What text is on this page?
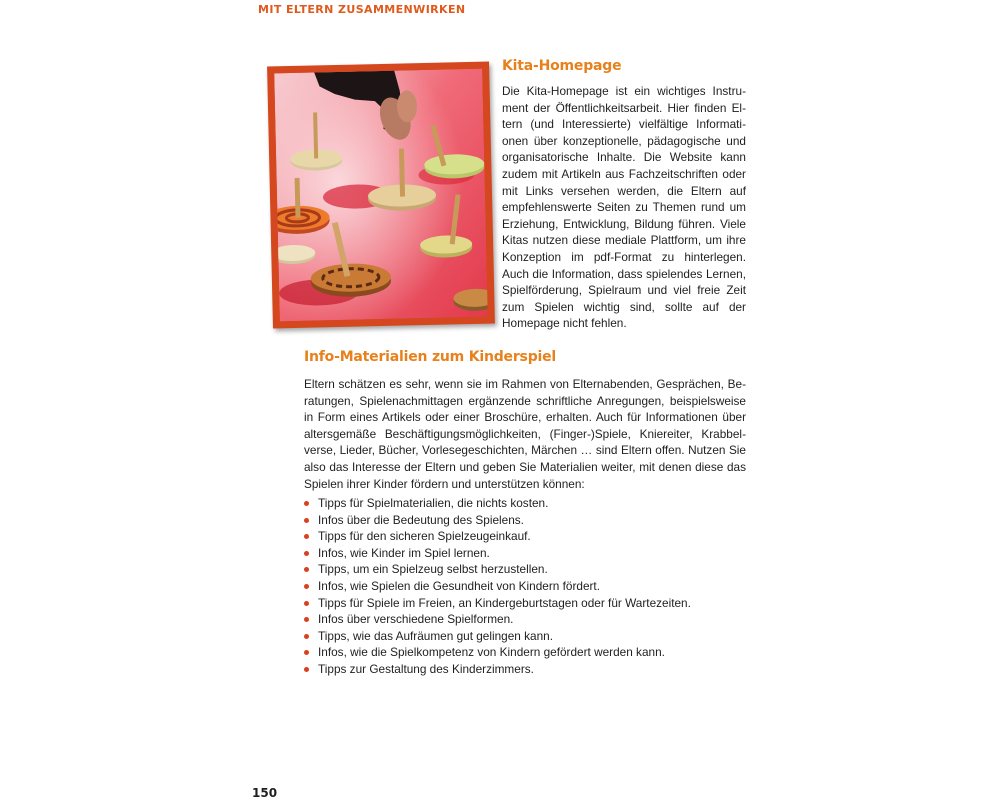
MIT ELTERN ZUSAMMENWIRKEN
Kita-Homepage

Die Kita-Homepage ist ein wichtiges Instrument der Öffentlichkeitsarbeit. Hier finden Eltern (und Interessierte) vielfältige Informationen über konzeptionelle, pädagogische und organisatorische Inhalte. Die Website kann zudem mit Artikeln aus Fachzeitschriften oder mit Links versehen werden, die Eltern auf empfehlenswerte Seiten zu Themen rund um Erziehung, Entwicklung, Bildung führen. Viele Kitas nutzen diese mediale Plattform, um ihre Konzeption im pdf-Format zu hinterlegen. Auch die Information, dass spielendes Lernen, Spielförderung, Spielraum und viel freie Zeit zum Spielen wichtig sind, sollte auf der Homepage nicht fehlen.

Info-Materialien zum Kinderspiel

Eltern schätzen es sehr, wenn sie im Rahmen von Elternabenden, Gesprächen, Beratungen, Spielenachmittagen ergänzende schriftliche Anregungen, beispielsweise in Form eines Artikels oder einer Broschüre, erhalten. Auch für Informationen über altersgemäße Beschäftigungsmöglichkeiten, (Finger-)Spiele, Kniereiter, Krabbelverse, Lieder, Bücher, Vorlesegeschichten, Märchen … sind Eltern offen. Nutzen Sie also das Interesse der Eltern und geben Sie Materialien weiter, mit denen diese das Spielen ihrer Kinder fördern und unterstützen können:

Tipps für Spielmaterialien, die nichts kosten.
Infos über die Bedeutung des Spielens.
Tipps für den sicheren Spielzeugeinkauf.
Infos, wie Kinder im Spiel lernen.
Tipps, um ein Spielzeug selbst herzustellen.
Infos, wie Spielen die Gesundheit von Kindern fördert.
Tipps für Spiele im Freien, an Kindergeburtstagen oder für Wartezeiten.
Infos über verschiedene Spielformen.
Tipps, wie das Aufräumen gut gelingen kann.
Infos, wie die Spielkompetenz von Kindern gefördert werden kann.
Tipps zur Gestaltung des Kinderzimmers.
150
